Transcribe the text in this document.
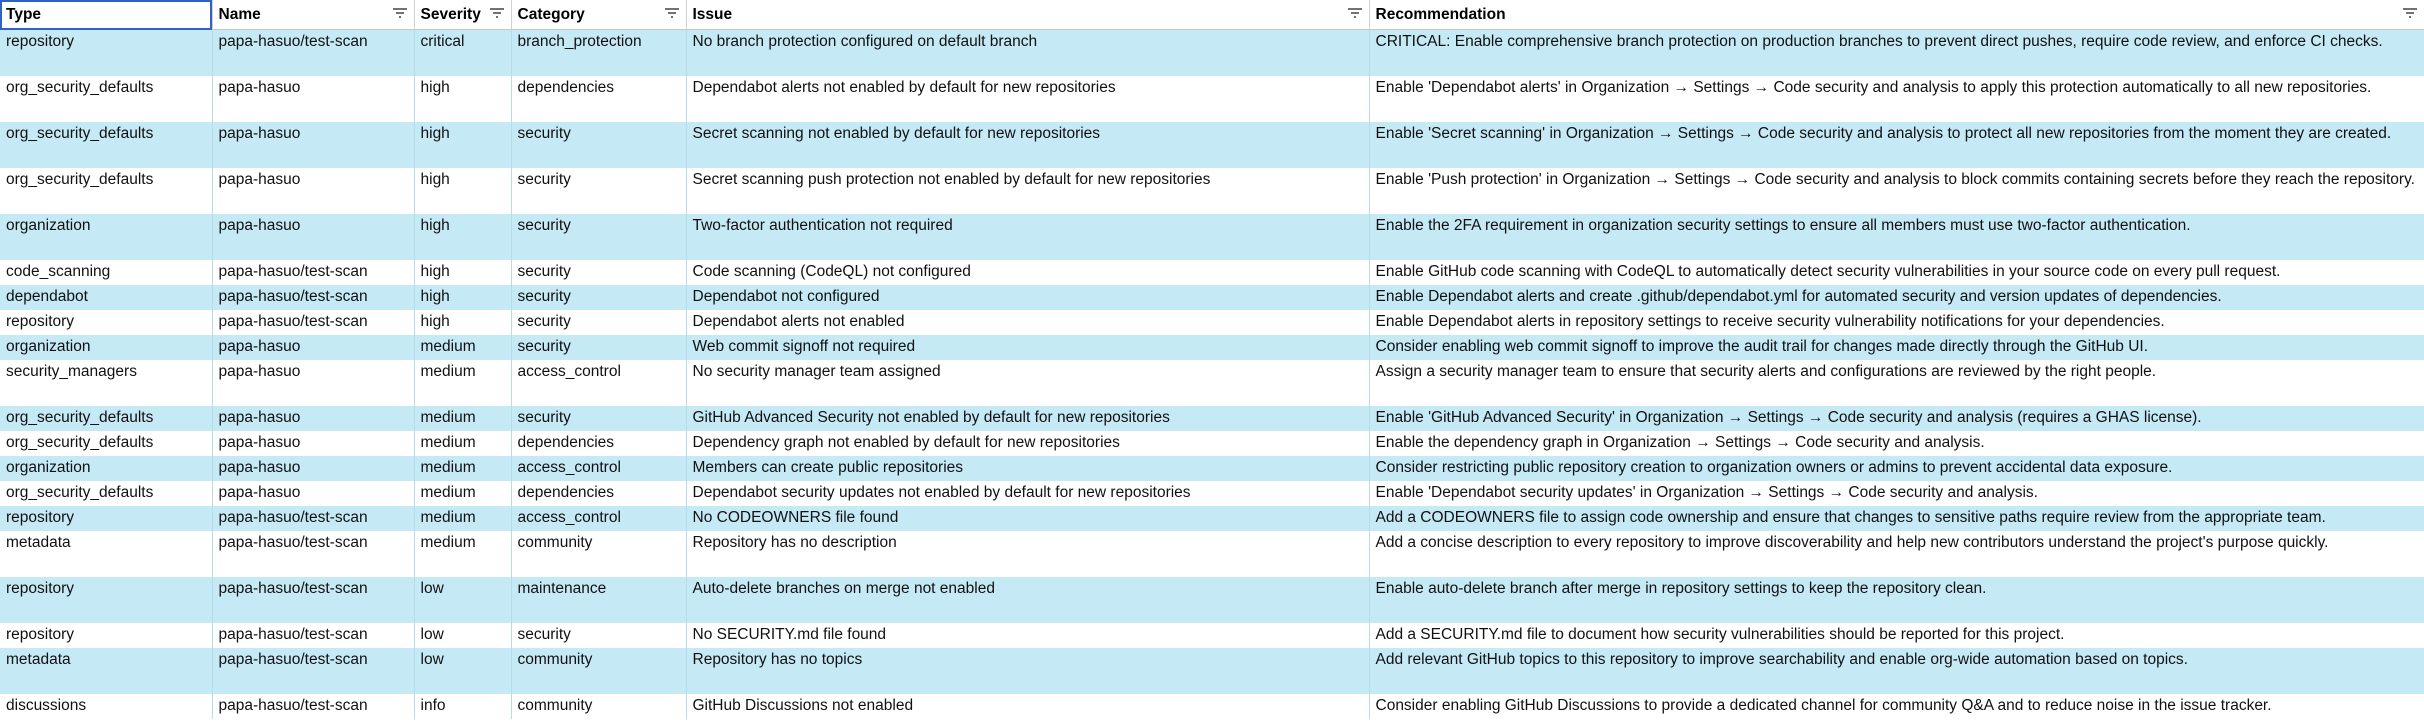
Type	Name	Severity	Category	Issue	Recommendation

repository	papa-hasuo/test-scan	critical	branch_protection	No branch protection configured on default branch	CRITICAL: Enable comprehensive branch protection on production branches to prevent direct pushes, require code review, and enforce CI checks.
org_security_defaults	papa-hasuo	high	dependencies	Dependabot alerts not enabled by default for new repositories	Enable 'Dependabot alerts' in Organization → Settings → Code security and analysis to apply this protection automatically to all new repositories.
org_security_defaults	papa-hasuo	high	security	Secret scanning not enabled by default for new repositories	Enable 'Secret scanning' in Organization → Settings → Code security and analysis to protect all new repositories from the moment they are created.
org_security_defaults	papa-hasuo	high	security	Secret scanning push protection not enabled by default for new repositories	Enable 'Push protection' in Organization → Settings → Code security and analysis to block commits containing secrets before they reach the repository.
organization	papa-hasuo	high	security	Two-factor authentication not required	Enable the 2FA requirement in organization security settings to ensure all members must use two-factor authentication.
code_scanning	papa-hasuo/test-scan	high	security	Code scanning (CodeQL) not configured	Enable GitHub code scanning with CodeQL to automatically detect security vulnerabilities in your source code on every pull request.
dependabot	papa-hasuo/test-scan	high	security	Dependabot not configured	Enable Dependabot alerts and create .github/dependabot.yml for automated security and version updates of dependencies.
repository	papa-hasuo/test-scan	high	security	Dependabot alerts not enabled	Enable Dependabot alerts in repository settings to receive security vulnerability notifications for your dependencies.
organization	papa-hasuo	medium	security	Web commit signoff not required	Consider enabling web commit signoff to improve the audit trail for changes made directly through the GitHub UI.
security_managers	papa-hasuo	medium	access_control	No security manager team assigned	Assign a security manager team to ensure that security alerts and configurations are reviewed by the right people.
org_security_defaults	papa-hasuo	medium	security	GitHub Advanced Security not enabled by default for new repositories	Enable 'GitHub Advanced Security' in Organization → Settings → Code security and analysis (requires a GHAS license).
org_security_defaults	papa-hasuo	medium	dependencies	Dependency graph not enabled by default for new repositories	Enable the dependency graph in Organization → Settings → Code security and analysis.
organization	papa-hasuo	medium	access_control	Members can create public repositories	Consider restricting public repository creation to organization owners or admins to prevent accidental data exposure.
org_security_defaults	papa-hasuo	medium	dependencies	Dependabot security updates not enabled by default for new repositories	Enable 'Dependabot security updates' in Organization → Settings → Code security and analysis.
repository	papa-hasuo/test-scan	medium	access_control	No CODEOWNERS file found	Add a CODEOWNERS file to assign code ownership and ensure that changes to sensitive paths require review from the appropriate team.
metadata	papa-hasuo/test-scan	medium	community	Repository has no description	Add a concise description to every repository to improve discoverability and help new contributors understand the project's purpose quickly.
repository	papa-hasuo/test-scan	low	maintenance	Auto-delete branches on merge not enabled	Enable auto-delete branch after merge in repository settings to keep the repository clean.
repository	papa-hasuo/test-scan	low	security	No SECURITY.md file found	Add a SECURITY.md file to document how security vulnerabilities should be reported for this project.
metadata	papa-hasuo/test-scan	low	community	Repository has no topics	Add relevant GitHub topics to this repository to improve searchability and enable org-wide automation based on topics.
discussions	papa-hasuo/test-scan	info	community	GitHub Discussions not enabled	Consider enabling GitHub Discussions to provide a dedicated channel for community Q&A and to reduce noise in the issue tracker.
